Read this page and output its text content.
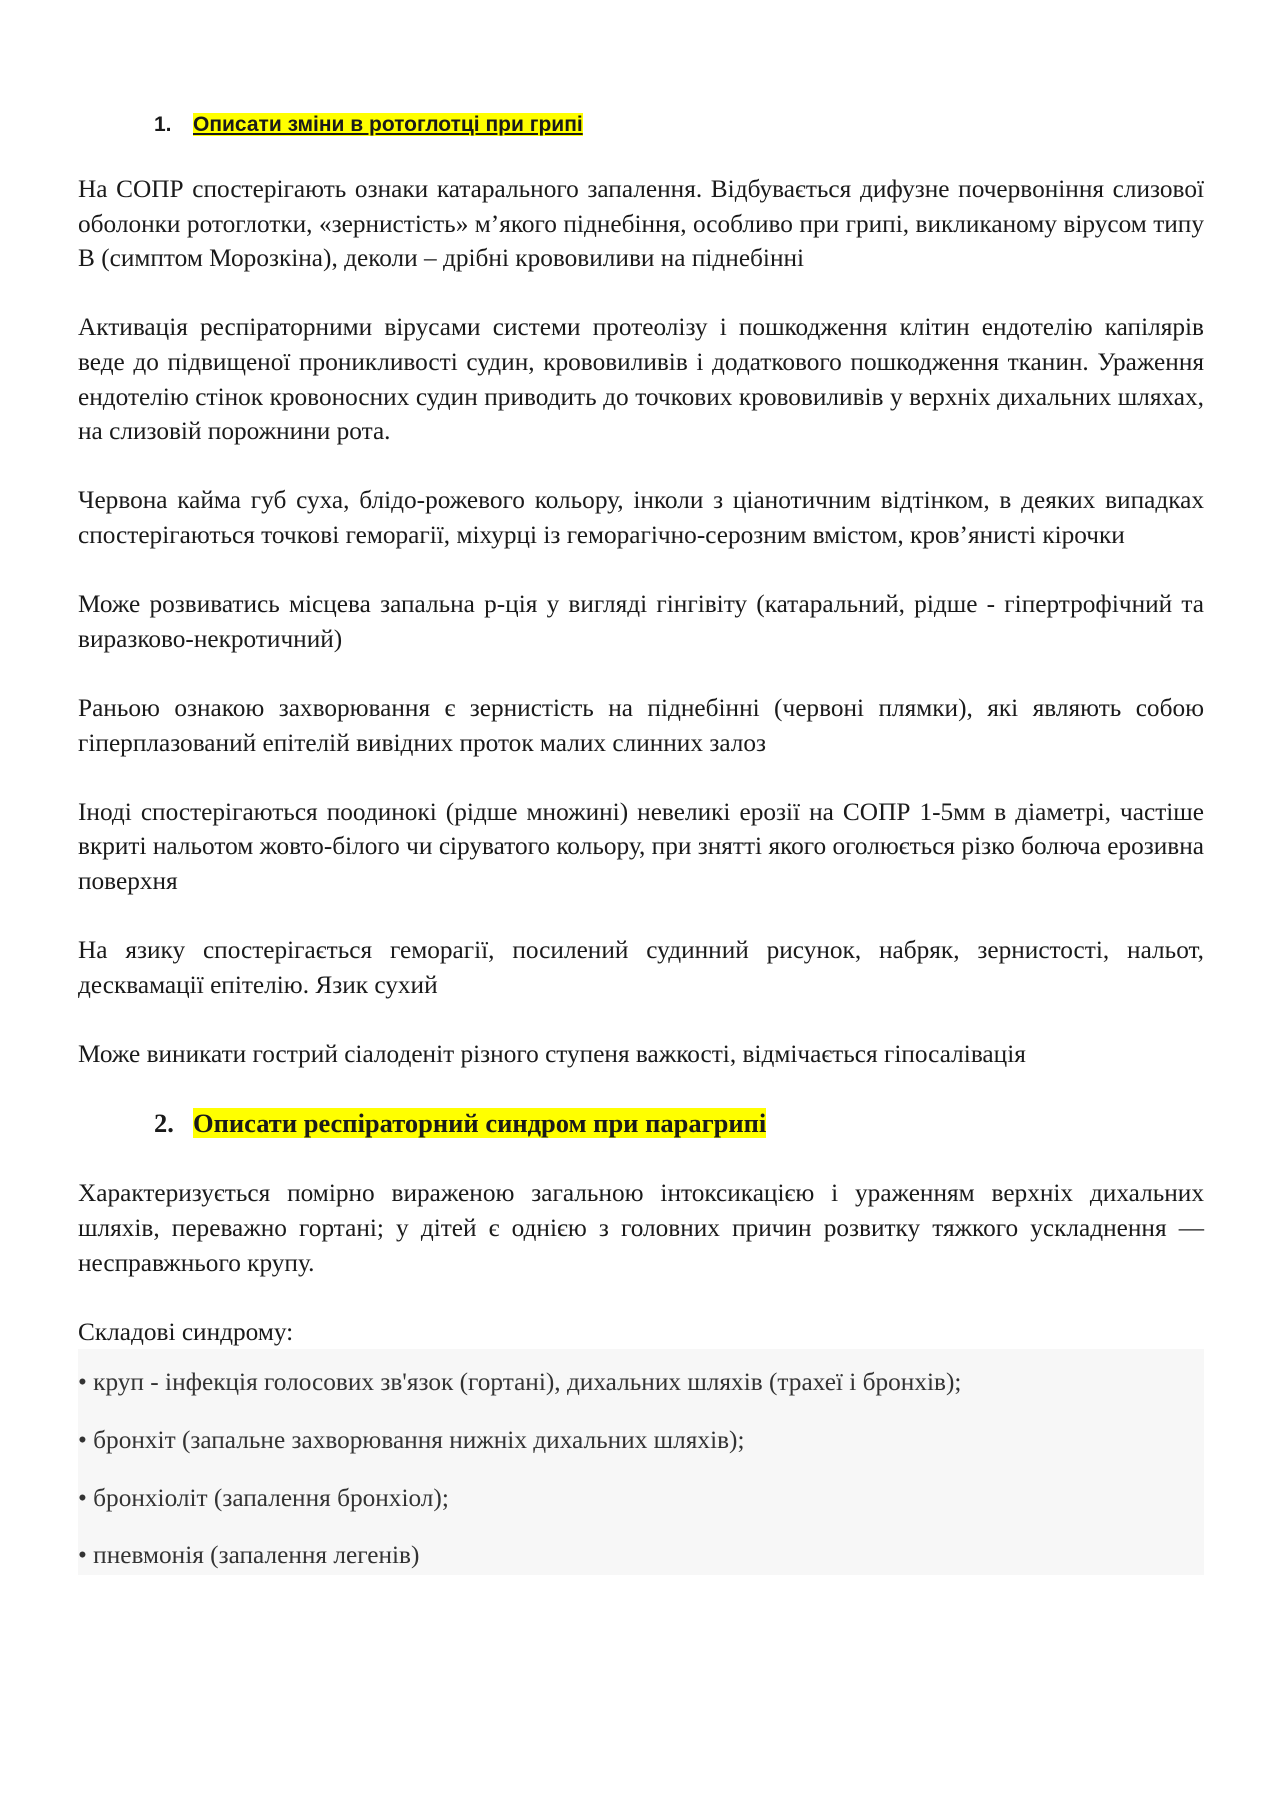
1. Описати зміни в ротоглотці при грипі

На СОПР спостерігають ознаки катарального запалення. Відбувається дифузне почервоніння слизової оболонки ротоглотки, «зернистість» м’якого піднебіння, особливо при грипі, викликаному вірусом типу В (симптом Морозкіна), деколи – дрібні крововиливи на піднебінні

Активація респіраторними вірусами системи протеолізу і пошкодження клітин ендотелію капілярів веде до підвищеної проникливості судин, крововиливів і додаткового пошкодження тканин. Ураження ендотелію стінок кровоносних судин приводить до точкових крововиливів у верхніх дихальних шляхах, на слизовій порожнини рота.

Червона кайма губ суха, блідо-рожевого кольору, інколи з ціанотичним відтінком, в деяких випадках спостерігаються точкові геморагії, міхурці із геморагічно-серозним вмістом, кров’янисті кірочки

Може розвиватись місцева запальна р-ція у вигляді гінгівіту (катаральний, рідше - гіпертрофічний та виразково-некротичний)

Раньою ознакою захворювання є зернистість на піднебінні (червоні плямки), які являють собою гіперплазований епітелій вивідних проток малих слинних залоз

Іноді спостерігаються поодинокі (рідше множині) невеликі ерозії на СОПР 1-5мм в діаметрі, частіше вкриті нальотом жовто-білого чи сіруватого кольору, при знятті якого оголюється різко болюча ерозивна поверхня

На язику спостерігається геморагії, посилений судинний рисунок, набряк, зернистості, нальот, десквамації епітелію. Язик сухий

Може виникати гострий сіалоденіт різного ступеня важкості, відмічається гіпосалівація

2. Описати респіраторний синдром при парагрипі

Характеризується помірно вираженою загальною інтоксикацією і ураженням верхніх дихальних шляхів, переважно гортані; у дітей є однією з головних причин розвитку тяжкого ускладнення — несправжнього крупу.

Складові синдрому:

• круп - інфекція голосових зв'язок (гортані), дихальних шляхів (трахеї і бронхів);
• бронхіт (запальне захворювання нижніх дихальних шляхів);
• бронхіоліт (запалення бронхіол);
• пневмонія (запалення легенів)
